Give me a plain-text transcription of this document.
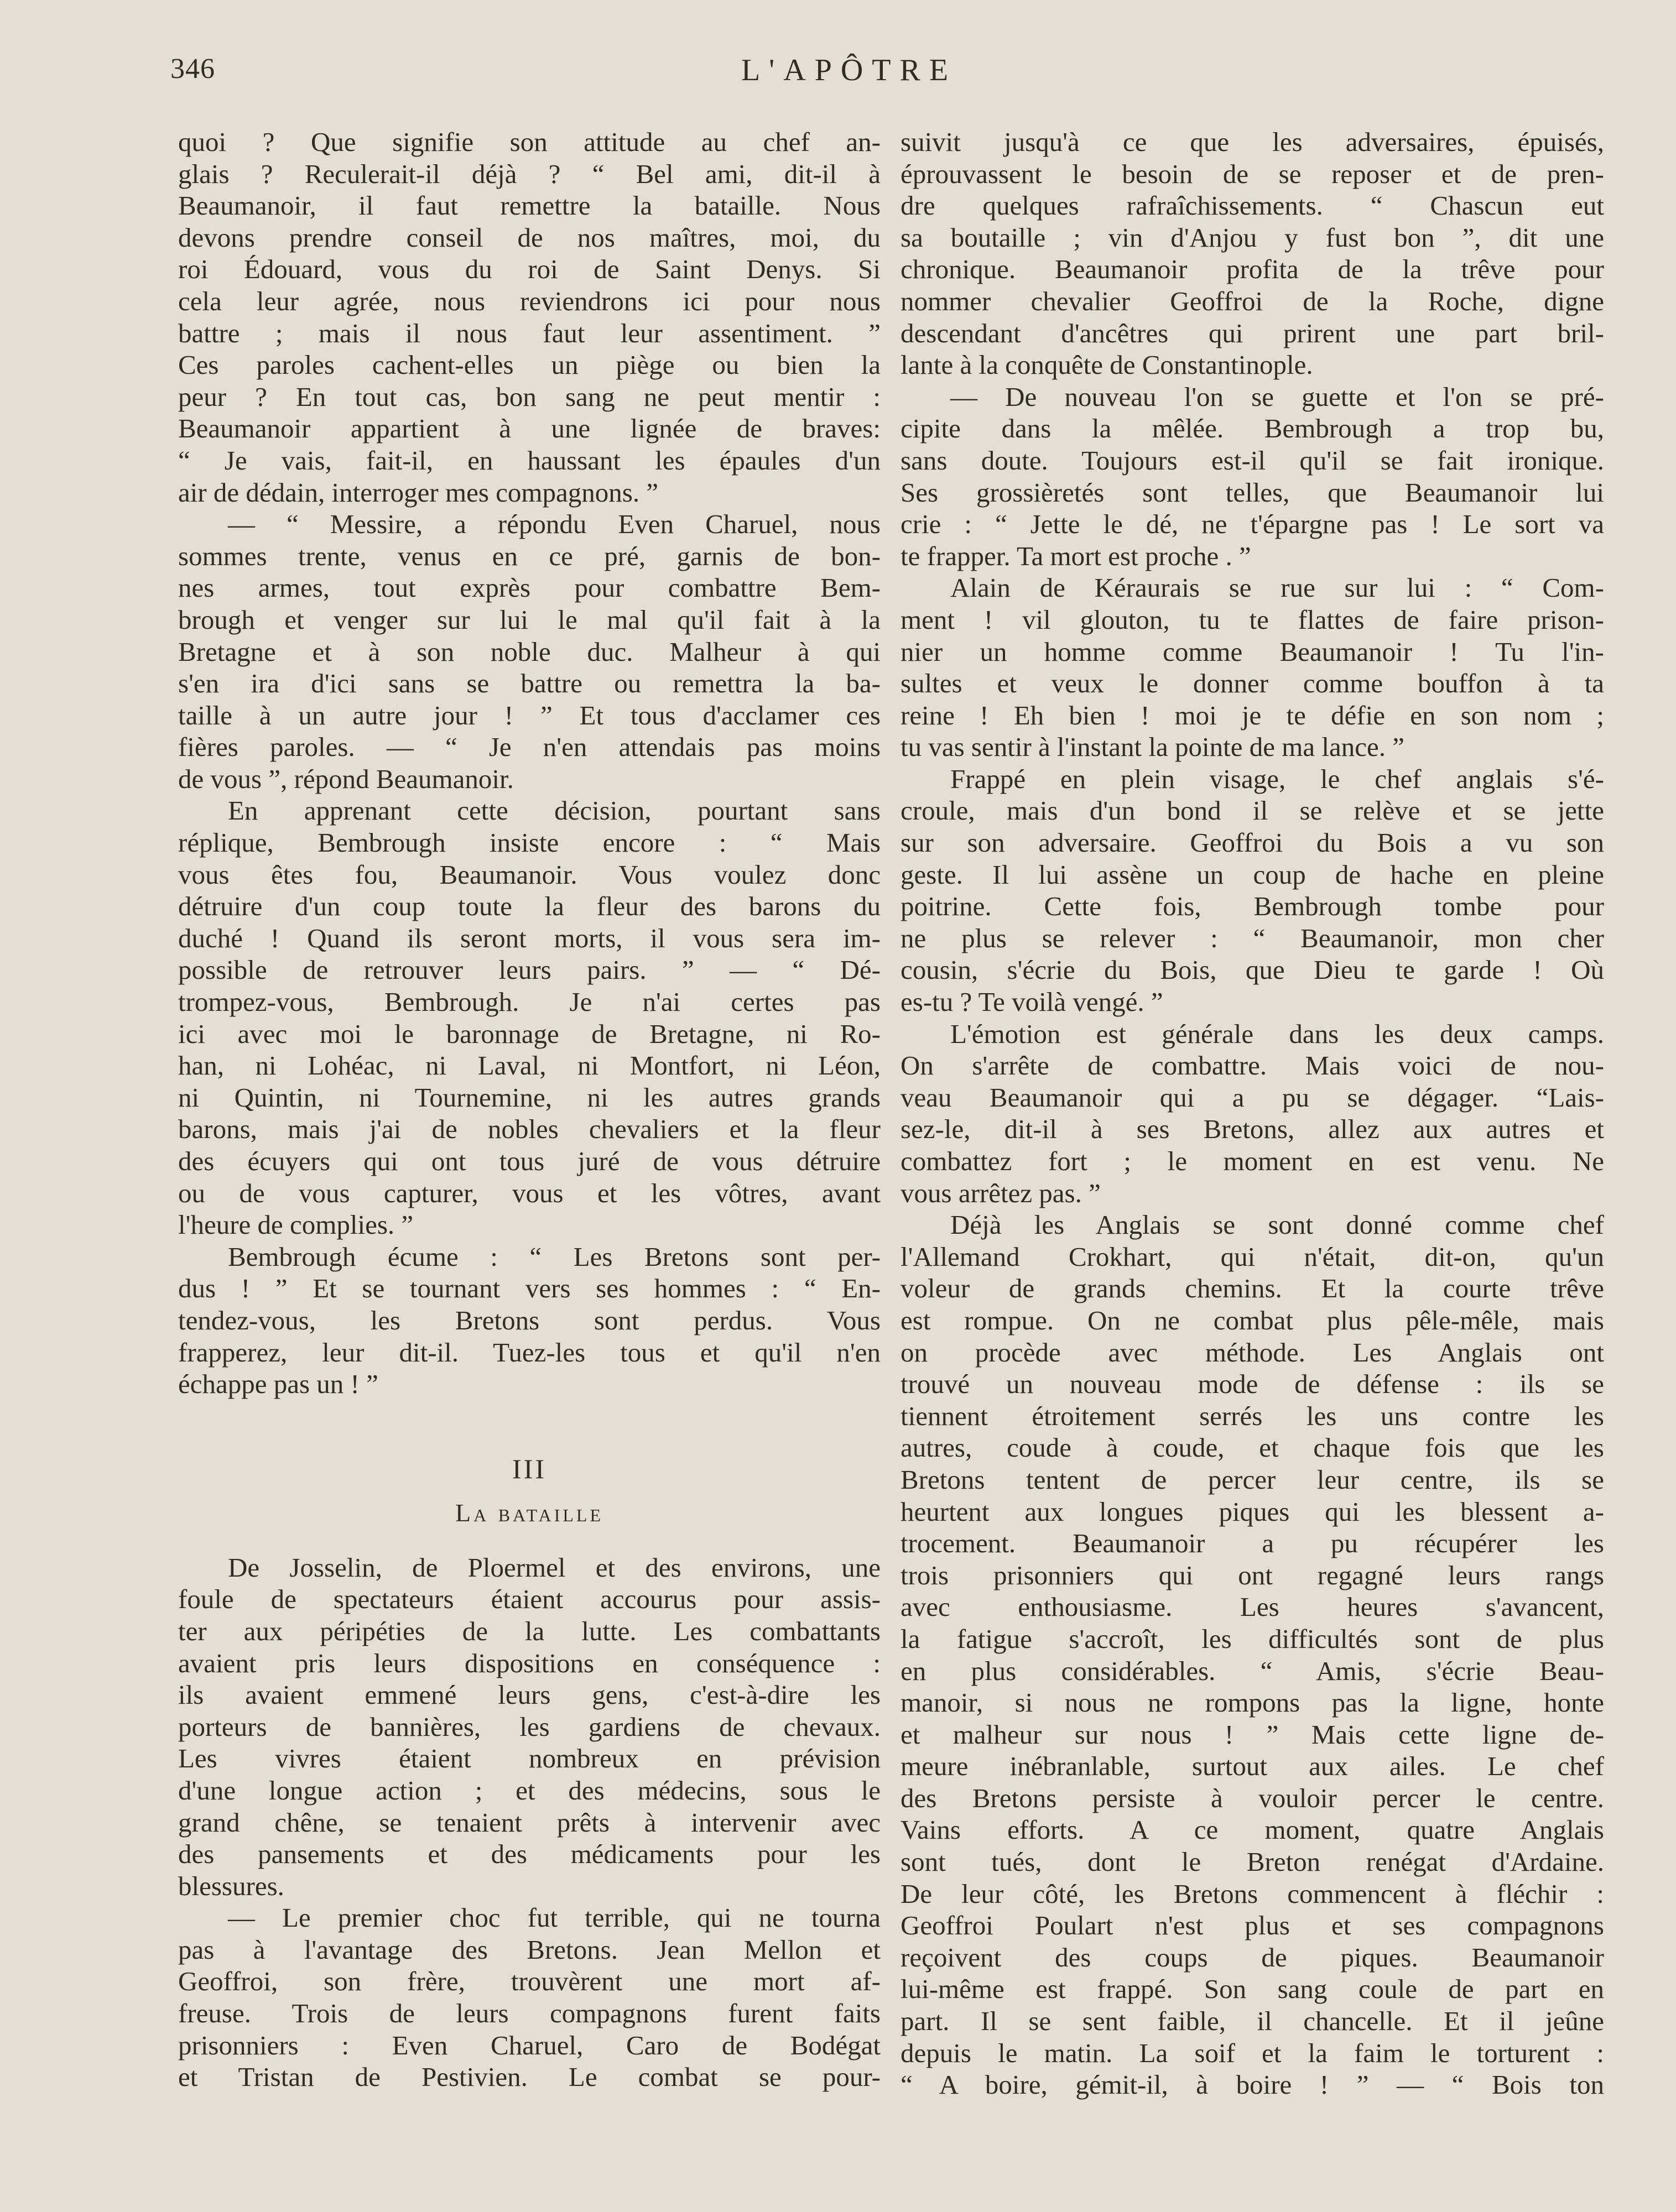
346	L'APÔTRE
quoi ? Que signifie son attitude au chef an-
glais ? Reculerait-il déjà ? “ Bel ami, dit-il à
Beaumanoir, il faut remettre la bataille. Nous
devons prendre conseil de nos maîtres, moi, du
roi Édouard, vous du roi de Saint Denys. Si
cela leur agrée, nous reviendrons ici pour nous
battre ; mais il nous faut leur assentiment. ”
Ces paroles cachent-elles un piège ou bien la
peur ? En tout cas, bon sang ne peut mentir :
Beaumanoir appartient à une lignée de braves:
“ Je vais, fait-il, en haussant les épaules d'un
air de dédain, interroger mes compagnons. ”
— “ Messire, a répondu Even Charuel, nous
sommes trente, venus en ce pré, garnis de bon-
nes armes, tout exprès pour combattre Bem-
brough et venger sur lui le mal qu'il fait à la
Bretagne et à son noble duc. Malheur à qui
s'en ira d'ici sans se battre ou remettra la ba-
taille à un autre jour ! ” Et tous d'acclamer ces
fières paroles. — “ Je n'en attendais pas moins
de vous ”, répond Beaumanoir.
En apprenant cette décision, pourtant sans
réplique, Bembrough insiste encore : “ Mais
vous êtes fou, Beaumanoir. Vous voulez donc
détruire d'un coup toute la fleur des barons du
duché ! Quand ils seront morts, il vous sera im-
possible de retrouver leurs pairs. ” — “ Dé-
trompez-vous, Bembrough. Je n'ai certes pas
ici avec moi le baronnage de Bretagne, ni Ro-
han, ni Lohéac, ni Laval, ni Montfort, ni Léon,
ni Quintin, ni Tournemine, ni les autres grands
barons, mais j'ai de nobles chevaliers et la fleur
des écuyers qui ont tous juré de vous détruire
ou de vous capturer, vous et les vôtres, avant
l'heure de complies. ”
Bembrough écume : “ Les Bretons sont per-
dus ! ” Et se tournant vers ses hommes : “ En-
tendez-vous, les Bretons sont perdus. Vous
frapperez, leur dit-il. Tuez-les tous et qu'il n'en
échappe pas un ! ”
III
La bataille
De Josselin, de Ploermel et des environs, une
foule de spectateurs étaient accourus pour assis-
ter aux péripéties de la lutte. Les combattants
avaient pris leurs dispositions en conséquence :
ils avaient emmené leurs gens, c'est-à-dire les
porteurs de bannières, les gardiens de chevaux.
Les vivres étaient nombreux en prévision
d'une longue action ; et des médecins, sous le
grand chêne, se tenaient prêts à intervenir avec
des pansements et des médicaments pour les
blessures.
— Le premier choc fut terrible, qui ne tourna
pas à l'avantage des Bretons. Jean Mellon et
Geoffroi, son frère, trouvèrent une mort af-
freuse. Trois de leurs compagnons furent faits
prisonniers : Even Charuel, Caro de Bodégat
et Tristan de Pestivien. Le combat se pour-
suivit jusqu'à ce que les adversaires, épuisés,
éprouvassent le besoin de se reposer et de pren-
dre quelques rafraîchissements. “ Chascun eut
sa boutaille ; vin d'Anjou y fust bon ”, dit une
chronique. Beaumanoir profita de la trêve pour
nommer chevalier Geoffroi de la Roche, digne
descendant d'ancêtres qui prirent une part bril-
lante à la conquête de Constantinople.
— De nouveau l'on se guette et l'on se pré-
cipite dans la mêlée. Bembrough a trop bu,
sans doute. Toujours est-il qu'il se fait ironique.
Ses grossièretés sont telles, que Beaumanoir lui
crie : “ Jette le dé, ne t'épargne pas ! Le sort va
te frapper. Ta mort est proche . ”
Alain de Kéraurais se rue sur lui : “ Com-
ment ! vil glouton, tu te flattes de faire prison-
nier un homme comme Beaumanoir ! Tu l'in-
sultes et veux le donner comme bouffon à ta
reine ! Eh bien ! moi je te défie en son nom ;
tu vas sentir à l'instant la pointe de ma lance. ”
Frappé en plein visage, le chef anglais s'é-
croule, mais d'un bond il se relève et se jette
sur son adversaire. Geoffroi du Bois a vu son
geste. Il lui assène un coup de hache en pleine
poitrine. Cette fois, Bembrough tombe pour
ne plus se relever : “ Beaumanoir, mon cher
cousin, s'écrie du Bois, que Dieu te garde ! Où
es-tu ? Te voilà vengé. ”
L'émotion est générale dans les deux camps.
On s'arrête de combattre. Mais voici de nou-
veau Beaumanoir qui a pu se dégager. “Lais-
sez-le, dit-il à ses Bretons, allez aux autres et
combattez fort ; le moment en est venu. Ne
vous arrêtez pas. ”
Déjà les Anglais se sont donné comme chef
l'Allemand Crokhart, qui n'était, dit-on, qu'un
voleur de grands chemins. Et la courte trêve
est rompue. On ne combat plus pêle-mêle, mais
on procède avec méthode. Les Anglais ont
trouvé un nouveau mode de défense : ils se
tiennent étroitement serrés les uns contre les
autres, coude à coude, et chaque fois que les
Bretons tentent de percer leur centre, ils se
heurtent aux longues piques qui les blessent a-
trocement. Beaumanoir a pu récupérer les
trois prisonniers qui ont regagné leurs rangs
avec enthousiasme. Les heures s'avancent,
la fatigue s'accroît, les difficultés sont de plus
en plus considérables. “ Amis, s'écrie Beau-
manoir, si nous ne rompons pas la ligne, honte
et malheur sur nous ! ” Mais cette ligne de-
meure inébranlable, surtout aux ailes. Le chef
des Bretons persiste à vouloir percer le centre.
Vains efforts. A ce moment, quatre Anglais
sont tués, dont le Breton renégat d'Ardaine.
De leur côté, les Bretons commencent à fléchir :
Geoffroi Poulart n'est plus et ses compagnons
reçoivent des coups de piques. Beaumanoir
lui-même est frappé. Son sang coule de part en
part. Il se sent faible, il chancelle. Et il jeûne
depuis le matin. La soif et la faim le torturent :
“ A boire, gémit-il, à boire ! ” — “ Bois ton
